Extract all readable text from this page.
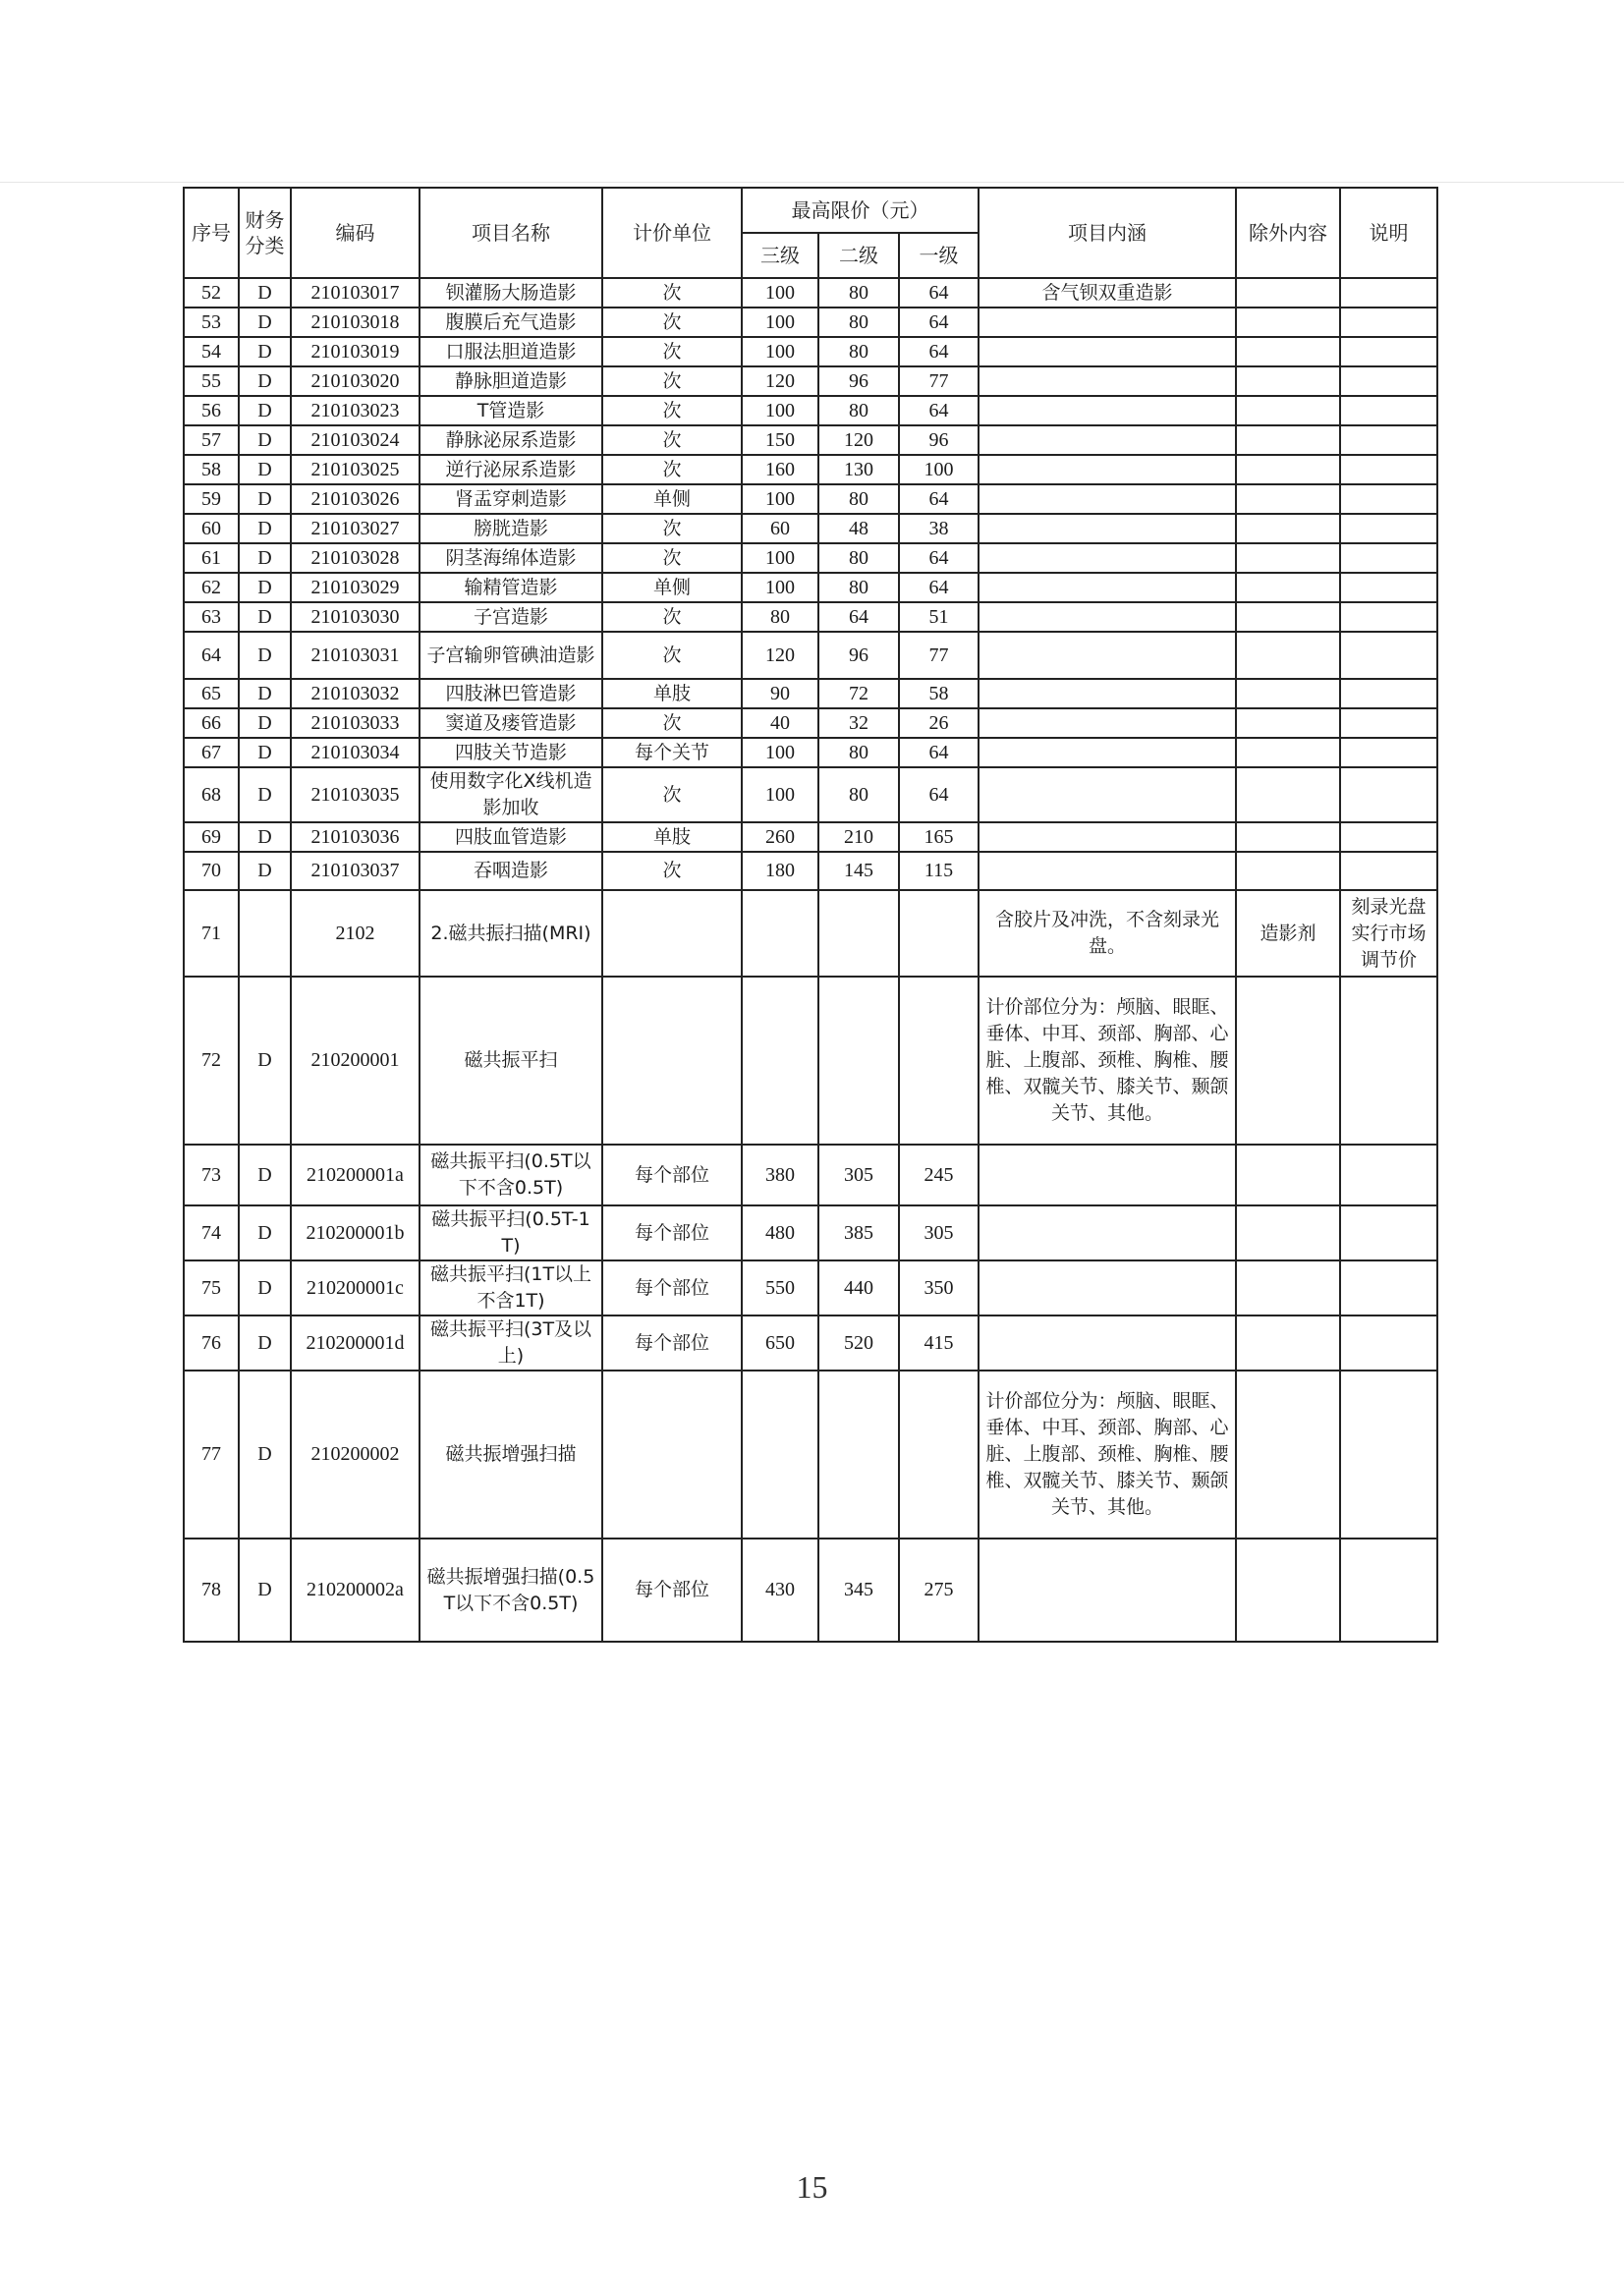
序号	财务分类	编码	项目名称	计价单位	最高限价（元）			项目内涵	除外内容	说明
					三级	二级	一级			
52	D	210103017	钡灌肠大肠造影	次	100	80	64	含气钡双重造影		
53	D	210103018	腹膜后充气造影	次	100	80	64			
54	D	210103019	口服法胆道造影	次	100	80	64			
55	D	210103020	静脉胆道造影	次	120	96	77			
56	D	210103023	T管造影	次	100	80	64			
57	D	210103024	静脉泌尿系造影	次	150	120	96			
58	D	210103025	逆行泌尿系造影	次	160	130	100			
59	D	210103026	肾盂穿刺造影	单侧	100	80	64			
60	D	210103027	膀胱造影	次	60	48	38			
61	D	210103028	阴茎海绵体造影	次	100	80	64			
62	D	210103029	输精管造影	单侧	100	80	64			
63	D	210103030	子宫造影	次	80	64	51			
64	D	210103031	子宫输卵管碘油造影	次	120	96	77			
65	D	210103032	四肢淋巴管造影	单肢	90	72	58			
66	D	210103033	窦道及瘘管造影	次	40	32	26			
67	D	210103034	四肢关节造影	每个关节	100	80	64			
68	D	210103035	使用数字化X线机造影加收	次	100	80	64			
69	D	210103036	四肢血管造影	单肢	260	210	165			
70	D	210103037	吞咽造影	次	180	145	115			
71		2102	2.磁共振扫描(MRI)					含胶片及冲洗，不含刻录光盘。	造影剂	刻录光盘实行市场调节价
72	D	210200001	磁共振平扫					计价部位分为：颅脑、眼眶、垂体、中耳、颈部、胸部、心脏、上腹部、颈椎、胸椎、腰椎、双髋关节、膝关节、颞颌关节、其他。		
73	D	210200001a	磁共振平扫(0.5T以下不含0.5T)	每个部位	380	305	245			
74	D	210200001b	磁共振平扫(0.5T-1T)	每个部位	480	385	305			
75	D	210200001c	磁共振平扫(1T以上不含1T)	每个部位	550	440	350			
76	D	210200001d	磁共振平扫(3T及以上)	每个部位	650	520	415			
77	D	210200002	磁共振增强扫描					计价部位分为：颅脑、眼眶、垂体、中耳、颈部、胸部、心脏、上腹部、颈椎、胸椎、腰椎、双髋关节、膝关节、颞颌关节、其他。		
78	D	210200002a	磁共振增强扫描(0.5T以下不含0.5T)	每个部位	430	345	275			
15
